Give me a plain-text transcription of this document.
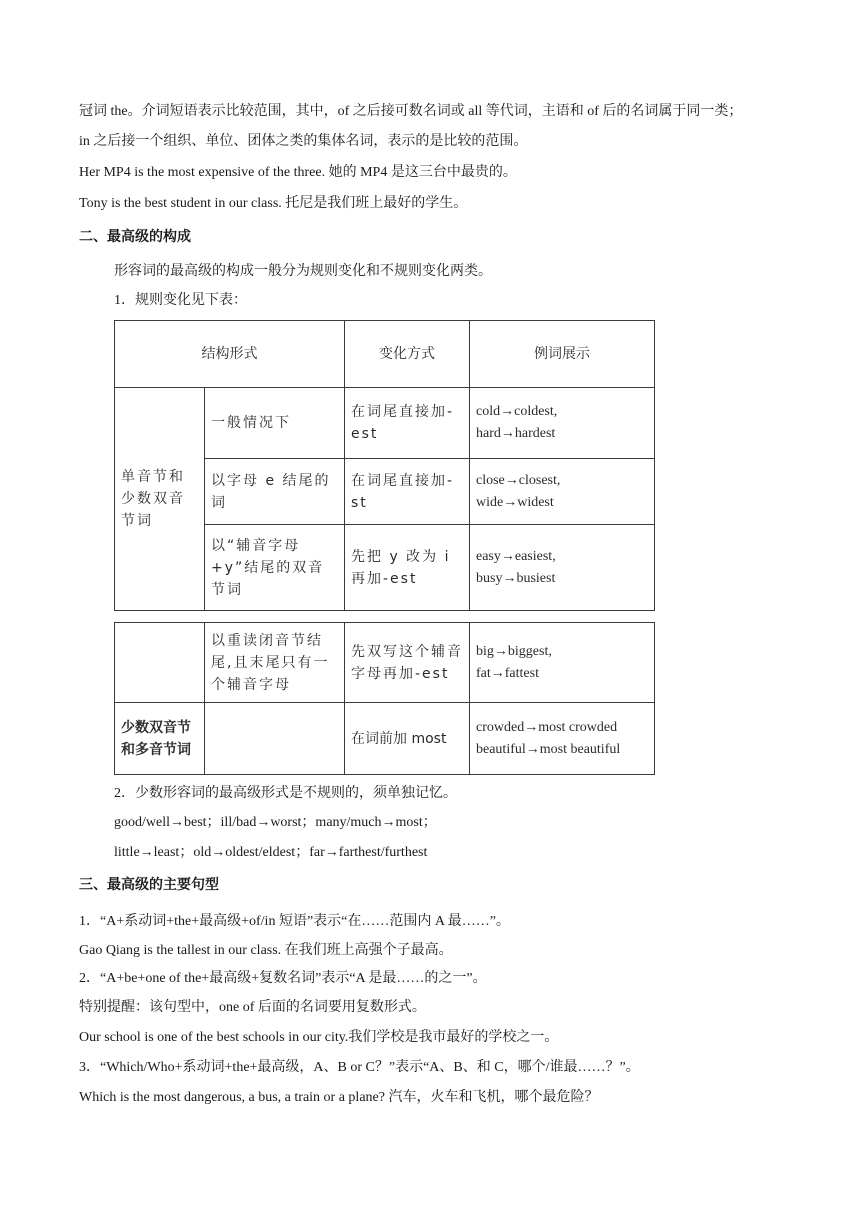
冠词 the。介词短语表示比较范围，其中，of 之后接可数名词或 all 等代词，主语和 of 后的名词属于同一类；
in 之后接一个组织、单位、团体之类的集体名词，表示的是比较的范围。
Her MP4 is the most expensive of the three. 她的 MP4 是这三台中最贵的。
Tony is the best student in our class. 托尼是我们班上最好的学生。
二、最高级的构成
形容词的最高级的构成一般分为规则变化和不规则变化两类。
1．规则变化见下表：
结构形式		变化方式	例词展示
单音节和少数双音节词	一般情况下	在词尾直接加-est	cold→coldest,
hard→hardest

	以字母 e 结尾的词	在词尾直接加-st	close→closest,
wide→widest

	以“辅音字母+y”结尾的双音节词	先把 y 改为 i 再加-est	easy→easiest,
busy→busiest
	以重读闭音节结尾,且末尾只有一个辅音字母	先双写这个辅音字母再加-est	big→biggest,
fat→fattest

少数双音节和多音节词		在词前加 most	crowded→most crowded
beautiful→most beautiful
2．少数形容词的最高级形式是不规则的，须单独记忆。
good/well→best；ill/bad→worst；many/much→most；
little→least；old→oldest/eldest；far→farthest/furthest
三、最高级的主要句型
1．“A+系动词+the+最高级+of/in 短语”表示“在……范围内 A 最……”。
Gao Qiang is the tallest in our class. 在我们班上高强个子最高。
2．“A+be+one of the+最高级+复数名词”表示“A 是最……的之一”。
特别提醒：该句型中，one of 后面的名词要用复数形式。
Our school is one of the best schools in our city.我们学校是我市最好的学校之一。
3．“Which/Who+系动词+the+最高级，A、B or C？”表示“A、B、和 C，哪个/谁最……？”。
Which is the most dangerous, a bus, a train or a plane? 汽车，火车和飞机，哪个最危险？
